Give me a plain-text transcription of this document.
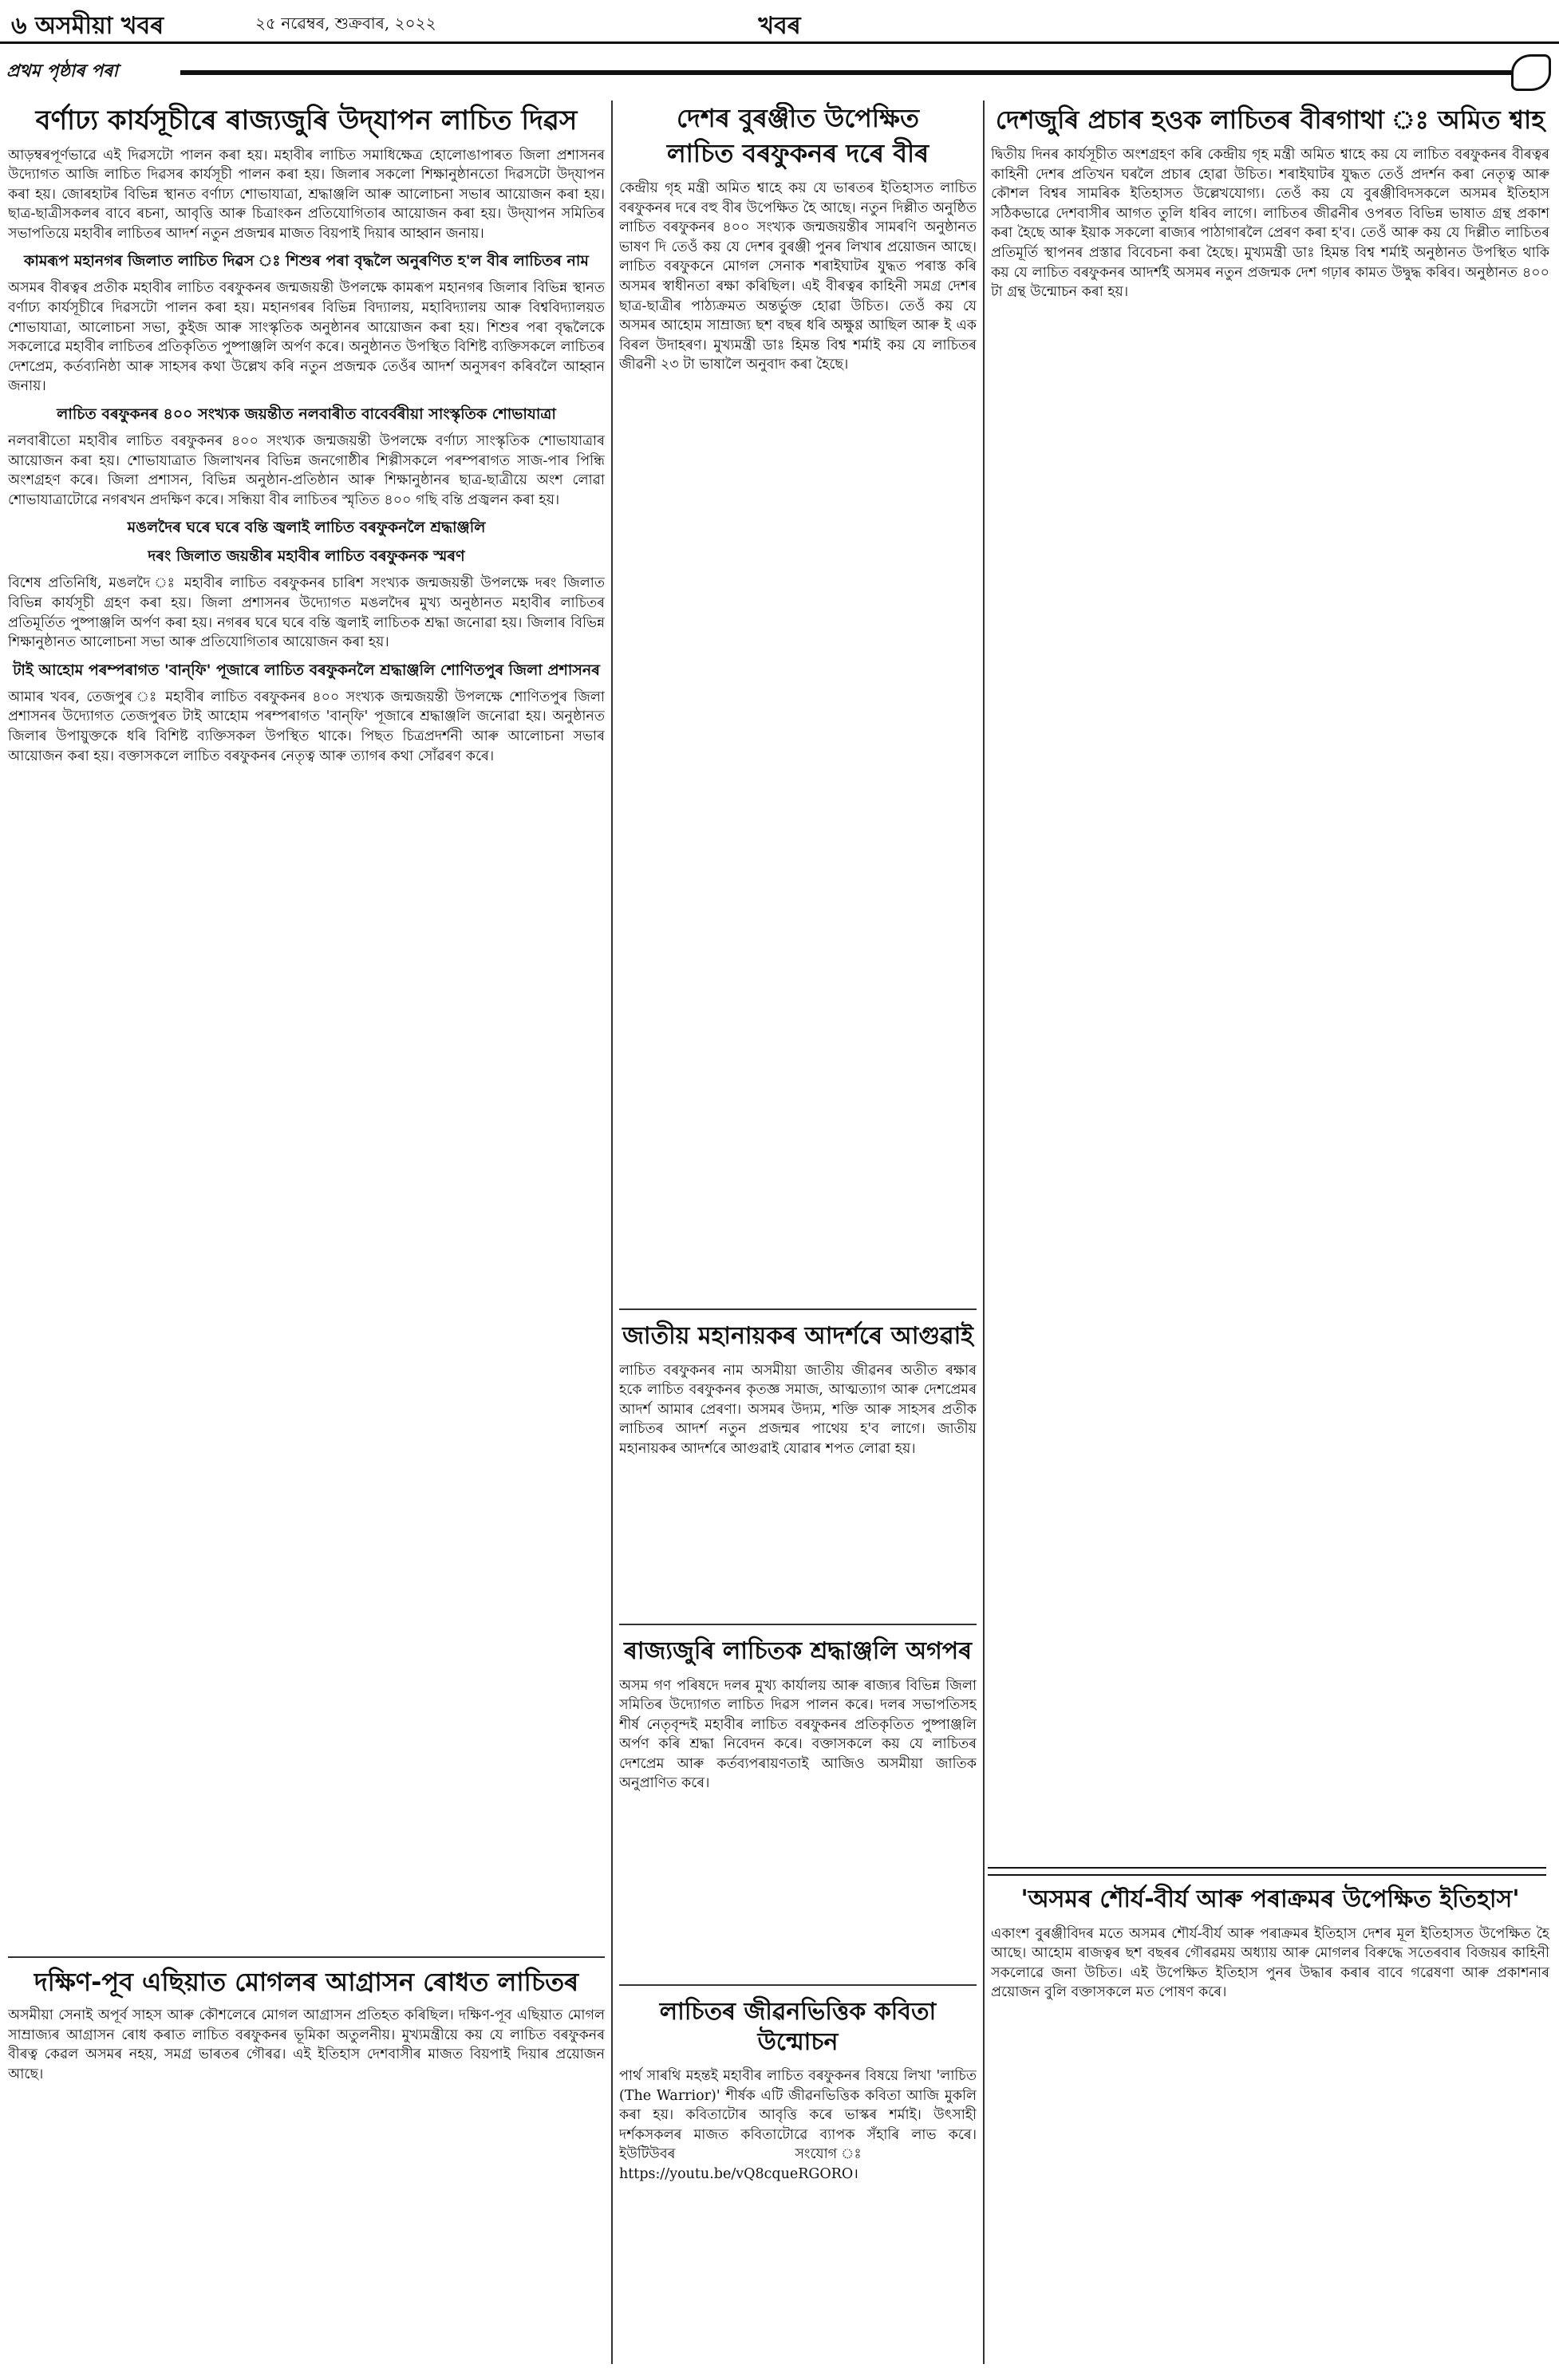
৬ অসমীয়া খবৰ	২৫ নৱেম্বৰ, শুক্ৰবাৰ, ২০২২	খবৰ
প্ৰথম পৃষ্ঠাৰ পৰা
বৰ্ণাঢ্য কাৰ্যসূচীৰে ৰাজ্যজুৰি উদ্‌যাপন লাচিত দিৱস

আড়ম্বৰপূৰ্ণভাৱে এই দিৱসটো পালন কৰা হয়। মহাবীৰ লাচিত সমাধিক্ষেত্ৰ হোলোঙাপাৰত জিলা প্ৰশাসনৰ উদ্যোগত আজি লাচিত দিৱসৰ কাৰ্যসূচী পালন কৰা হয়। জিলাৰ সকলো শিক্ষানুষ্ঠানতো দিৱসটো উদ্‌যাপন কৰা হয়। জোৰহাটৰ বিভিন্ন স্থানত বৰ্ণাঢ্য শোভাযাত্ৰা, শ্ৰদ্ধাঞ্জলি আৰু আলোচনা সভাৰ আয়োজন কৰা হয়। ছাত্ৰ-ছাত্ৰীসকলৰ বাবে ৰচনা, আবৃত্তি আৰু চিত্ৰাংকন প্ৰতিযোগিতাৰ আয়োজন কৰা হয়। উদ্‌যাপন সমিতিৰ সভাপতিয়ে মহাবীৰ লাচিতৰ আদৰ্শ নতুন প্ৰজন্মৰ মাজত বিয়পাই দিয়াৰ আহ্বান জনায়।

কামৰূপ মহানগৰ জিলাত লাচিত দিৱস ঃ শিশুৰ পৰা বৃদ্ধলৈ অনুৰণিত হ'ল বীৰ লাচিতৰ নাম

অসমৰ বীৰত্বৰ প্ৰতীক মহাবীৰ লাচিত বৰফুকনৰ জন্মজয়ন্তী উপলক্ষে কামৰূপ মহানগৰ জিলাৰ বিভিন্ন স্থানত বৰ্ণাঢ্য কাৰ্যসূচীৰে দিৱসটো পালন কৰা হয়। মহানগৰৰ বিভিন্ন বিদ্যালয়, মহাবিদ্যালয় আৰু বিশ্ববিদ্যালয়ত শোভাযাত্ৰা, আলোচনা সভা, কুইজ আৰু সাংস্কৃতিক অনুষ্ঠানৰ আয়োজন কৰা হয়। শিশুৰ পৰা বৃদ্ধলৈকে সকলোৱে মহাবীৰ লাচিতৰ প্ৰতিকৃতিত পুষ্পাঞ্জলি অৰ্পণ কৰে। অনুষ্ঠানত উপস্থিত বিশিষ্ট ব্যক্তিসকলে লাচিতৰ দেশপ্ৰেম, কৰ্তব্যনিষ্ঠা আৰু সাহসৰ কথা উল্লেখ কৰি নতুন প্ৰজন্মক তেওঁৰ আদৰ্শ অনুসৰণ কৰিবলৈ আহ্বান জনায়।

লাচিত বৰফুকনৰ ৪০০ সংখ্যক জয়ন্তীত নলবাৰীত বাবেৰ্বৰীয়া সাংস্কৃতিক শোভাযাত্ৰা

নলবাৰীতো মহাবীৰ লাচিত বৰফুকনৰ ৪০০ সংখ্যক জন্মজয়ন্তী উপলক্ষে বৰ্ণাঢ্য সাংস্কৃতিক শোভাযাত্ৰাৰ আয়োজন কৰা হয়। শোভাযাত্ৰাত জিলাখনৰ বিভিন্ন জনগোষ্ঠীৰ শিল্পীসকলে পৰম্পৰাগত সাজ-পাৰ পিন্ধি অংশগ্ৰহণ কৰে। জিলা প্ৰশাসন, বিভিন্ন অনুষ্ঠান-প্ৰতিষ্ঠান আৰু শিক্ষানুষ্ঠানৰ ছাত্ৰ-ছাত্ৰীয়ে অংশ লোৱা শোভাযাত্ৰাটোৱে নগৰখন প্ৰদক্ষিণ কৰে। সন্ধিয়া বীৰ লাচিতৰ স্মৃতিত ৪০০ গছি বন্তি প্ৰজ্বলন কৰা হয়।

মঙলদৈৰ ঘৰে ঘৰে বন্তি জ্বলাই লাচিত বৰফুকনলৈ শ্ৰদ্ধাঞ্জলি
দৰং জিলাত জয়ন্তীৰ মহাবীৰ লাচিত বৰফুকনক স্মৰণ

বিশেষ প্ৰতিনিধি, মঙলদৈ ঃ মহাবীৰ লাচিত বৰফুকনৰ চাৰিশ সংখ্যক জন্মজয়ন্তী উপলক্ষে দৰং জিলাত বিভিন্ন কাৰ্যসূচী গ্ৰহণ কৰা হয়। জিলা প্ৰশাসনৰ উদ্যোগত মঙলদৈৰ মুখ্য অনুষ্ঠানত মহাবীৰ লাচিতৰ প্ৰতিমূৰ্তিত পুষ্পাঞ্জলি অৰ্পণ কৰা হয়। নগৰৰ ঘৰে ঘৰে বন্তি জ্বলাই লাচিতক শ্ৰদ্ধা জনোৱা হয়। জিলাৰ বিভিন্ন শিক্ষানুষ্ঠানত আলোচনা সভা আৰু প্ৰতিযোগিতাৰ আয়োজন কৰা হয়।

টাই আহোম পৰম্পৰাগত 'বান্‌ফি' পূজাৰে লাচিত বৰফুকনলৈ শ্ৰদ্ধাঞ্জলি শোণিতপুৰ জিলা প্ৰশাসনৰ

আমাৰ খবৰ, তেজপুৰ ঃ মহাবীৰ লাচিত বৰফুকনৰ ৪০০ সংখ্যক জন্মজয়ন্তী উপলক্ষে শোণিতপুৰ জিলা প্ৰশাসনৰ উদ্যোগত তেজপুৰত টাই আহোম পৰম্পৰাগত 'বান্‌ফি' পূজাৰে শ্ৰদ্ধাঞ্জলি জনোৱা হয়। অনুষ্ঠানত জিলাৰ উপায়ুক্তকে ধৰি বিশিষ্ট ব্যক্তিসকল উপস্থিত থাকে। পিছত চিত্ৰপ্ৰদৰ্শনী আৰু আলোচনা সভাৰ আয়োজন কৰা হয়। বক্তাসকলে লাচিত বৰফুকনৰ নেতৃত্ব আৰু ত্যাগৰ কথা সোঁৱৰণ কৰে।

দক্ষিণ-পূব এছিয়াত মোগলৰ আগ্ৰাসন ৰোধত লাচিতৰ

অসমীয়া সেনাই অপূৰ্ব সাহস আৰু কৌশলেৰে মোগল আগ্ৰাসন প্ৰতিহত কৰিছিল। দক্ষিণ-পূব এছিয়াত মোগল সাম্ৰাজ্যৰ আগ্ৰাসন ৰোধ কৰাত লাচিত বৰফুকনৰ ভূমিকা অতুলনীয়। মুখ্যমন্ত্ৰীয়ে কয় যে লাচিত বৰফুকনৰ বীৰত্ব কেৱল অসমৰ নহয়, সমগ্ৰ ভাৰতৰ গৌৰৱ। এই ইতিহাস দেশবাসীৰ মাজত বিয়পাই দিয়াৰ প্ৰয়োজন আছে।

দেশৰ বুৰঞ্জীত উপেক্ষিত
লাচিত বৰফুকনৰ দৰে বীৰ

কেন্দ্ৰীয় গৃহ মন্ত্ৰী অমিত শ্বাহে কয় যে ভাৰতৰ ইতিহাসত লাচিত বৰফুকনৰ দৰে বহু বীৰ উপেক্ষিত হৈ আছে। নতুন দিল্লীত অনুষ্ঠিত লাচিত বৰফুকনৰ ৪০০ সংখ্যক জন্মজয়ন্তীৰ সামৰণি অনুষ্ঠানত ভাষণ দি তেওঁ কয় যে দেশৰ বুৰঞ্জী পুনৰ লিখাৰ প্ৰয়োজন আছে। লাচিত বৰফুকনে মোগল সেনাক শৰাইঘাটৰ যুদ্ধত পৰাস্ত কৰি অসমৰ স্বাধীনতা ৰক্ষা কৰিছিল। এই বীৰত্বৰ কাহিনী সমগ্ৰ দেশৰ ছাত্ৰ-ছাত্ৰীৰ পাঠ্যক্ৰমত অন্তৰ্ভুক্ত হোৱা উচিত। তেওঁ কয় যে অসমৰ আহোম সাম্ৰাজ্য ছশ বছৰ ধৰি অক্ষুণ্ণ আছিল আৰু ই এক বিৰল উদাহৰণ। মুখ্যমন্ত্ৰী ডাঃ হিমন্ত বিশ্ব শৰ্মাই কয় যে লাচিতৰ জীৱনী ২৩ টা ভাষালৈ অনুবাদ কৰা হৈছে।

জাতীয় মহানায়কৰ আদৰ্শৰে আগুৱাই

লাচিত বৰফুকনৰ নাম অসমীয়া জাতীয় জীৱনৰ অতীত ৰক্ষাৰ হকে লাচিত বৰফুকনৰ কৃতজ্ঞ সমাজ, আত্মত্যাগ আৰু দেশপ্ৰেমৰ আদৰ্শ আমাৰ প্ৰেৰণা। অসমৰ উদ্যম, শক্তি আৰু সাহসৰ প্ৰতীক লাচিতৰ আদৰ্শ নতুন প্ৰজন্মৰ পাথেয় হ'ব লাগে। জাতীয় মহানায়কৰ আদৰ্শৰে আগুৱাই যোৱাৰ শপত লোৱা হয়।

ৰাজ্যজুৰি লাচিতক শ্ৰদ্ধাঞ্জলি অগপৰ

অসম গণ পৰিষদে দলৰ মুখ্য কাৰ্যালয় আৰু ৰাজ্যৰ বিভিন্ন জিলা সমিতিৰ উদ্যোগত লাচিত দিৱস পালন কৰে। দলৰ সভাপতিসহ শীৰ্ষ নেতৃবৃন্দই মহাবীৰ লাচিত বৰফুকনৰ প্ৰতিকৃতিত পুষ্পাঞ্জলি অৰ্পণ কৰি শ্ৰদ্ধা নিবেদন কৰে। বক্তাসকলে কয় যে লাচিতৰ দেশপ্ৰেম আৰু কৰ্তব্যপৰায়ণতাই আজিও অসমীয়া জাতিক অনুপ্ৰাণিত কৰে।

লাচিতৰ জীৱনভিত্তিক কবিতা উন্মোচন

পাৰ্থ সাৰথি মহন্তই মহাবীৰ লাচিত বৰফুকনৰ বিষয়ে লিখা 'লাচিত (The Warrior)' শীৰ্ষক এটি জীৱনভিত্তিক কবিতা আজি মুকলি কৰা হয়। কবিতাটোৰ আবৃত্তি কৰে ভাস্কৰ শৰ্মাই। উৎসাহী দৰ্শকসকলৰ মাজত কবিতাটোৱে ব্যাপক সঁহাৰি লাভ কৰে। ইউটিউবৰ সংযোগ ঃ https://youtu.be/vQ8cqueRGORO।

দেশজুৰি প্ৰচাৰ হওক লাচিতৰ বীৰগাথা ঃ অমিত শ্বাহ

দ্বিতীয় দিনৰ কাৰ্যসূচীত অংশগ্ৰহণ কৰি কেন্দ্ৰীয় গৃহ মন্ত্ৰী অমিত শ্বাহে কয় যে লাচিত বৰফুকনৰ বীৰত্বৰ কাহিনী দেশৰ প্ৰতিখন ঘৰলৈ প্ৰচাৰ হোৱা উচিত। শৰাইঘাটৰ যুদ্ধত তেওঁ প্ৰদৰ্শন কৰা নেতৃত্ব আৰু কৌশল বিশ্বৰ সামৰিক ইতিহাসত উল্লেখযোগ্য। তেওঁ কয় যে বুৰঞ্জীবিদসকলে অসমৰ ইতিহাস সঠিকভাৱে দেশবাসীৰ আগত তুলি ধৰিব লাগে। লাচিতৰ জীৱনীৰ ওপৰত বিভিন্ন ভাষাত গ্ৰন্থ প্ৰকাশ কৰা হৈছে আৰু ইয়াক সকলো ৰাজ্যৰ পাঠাগাৰলৈ প্ৰেৰণ কৰা হ'ব। তেওঁ আৰু কয় যে দিল্লীত লাচিতৰ প্ৰতিমূৰ্তি স্থাপনৰ প্ৰস্তাৱ বিবেচনা কৰা হৈছে। মুখ্যমন্ত্ৰী ডাঃ হিমন্ত বিশ্ব শৰ্মাই অনুষ্ঠানত উপস্থিত থাকি কয় যে লাচিত বৰফুকনৰ আদৰ্শই অসমৰ নতুন প্ৰজন্মক দেশ গঢ়াৰ কামত উদ্বুদ্ধ কৰিব। অনুষ্ঠানত ৪০০ টা গ্ৰন্থ উন্মোচন কৰা হয়।

'অসমৰ শৌৰ্য-বীৰ্য আৰু পৰাক্ৰমৰ উপেক্ষিত ইতিহাস'

একাংশ বুৰঞ্জীবিদৰ মতে অসমৰ শৌৰ্য-বীৰ্য আৰু পৰাক্ৰমৰ ইতিহাস দেশৰ মূল ইতিহাসত উপেক্ষিত হৈ আছে। আহোম ৰাজত্বৰ ছশ বছৰৰ গৌৰৱময় অধ্যায় আৰু মোগলৰ বিৰুদ্ধে সতেৰবাৰ বিজয়ৰ কাহিনী সকলোৱে জনা উচিত। এই উপেক্ষিত ইতিহাস পুনৰ উদ্ধাৰ কৰাৰ বাবে গৱেষণা আৰু প্ৰকাশনাৰ প্ৰয়োজন বুলি বক্তাসকলে মত পোষণ কৰে।
